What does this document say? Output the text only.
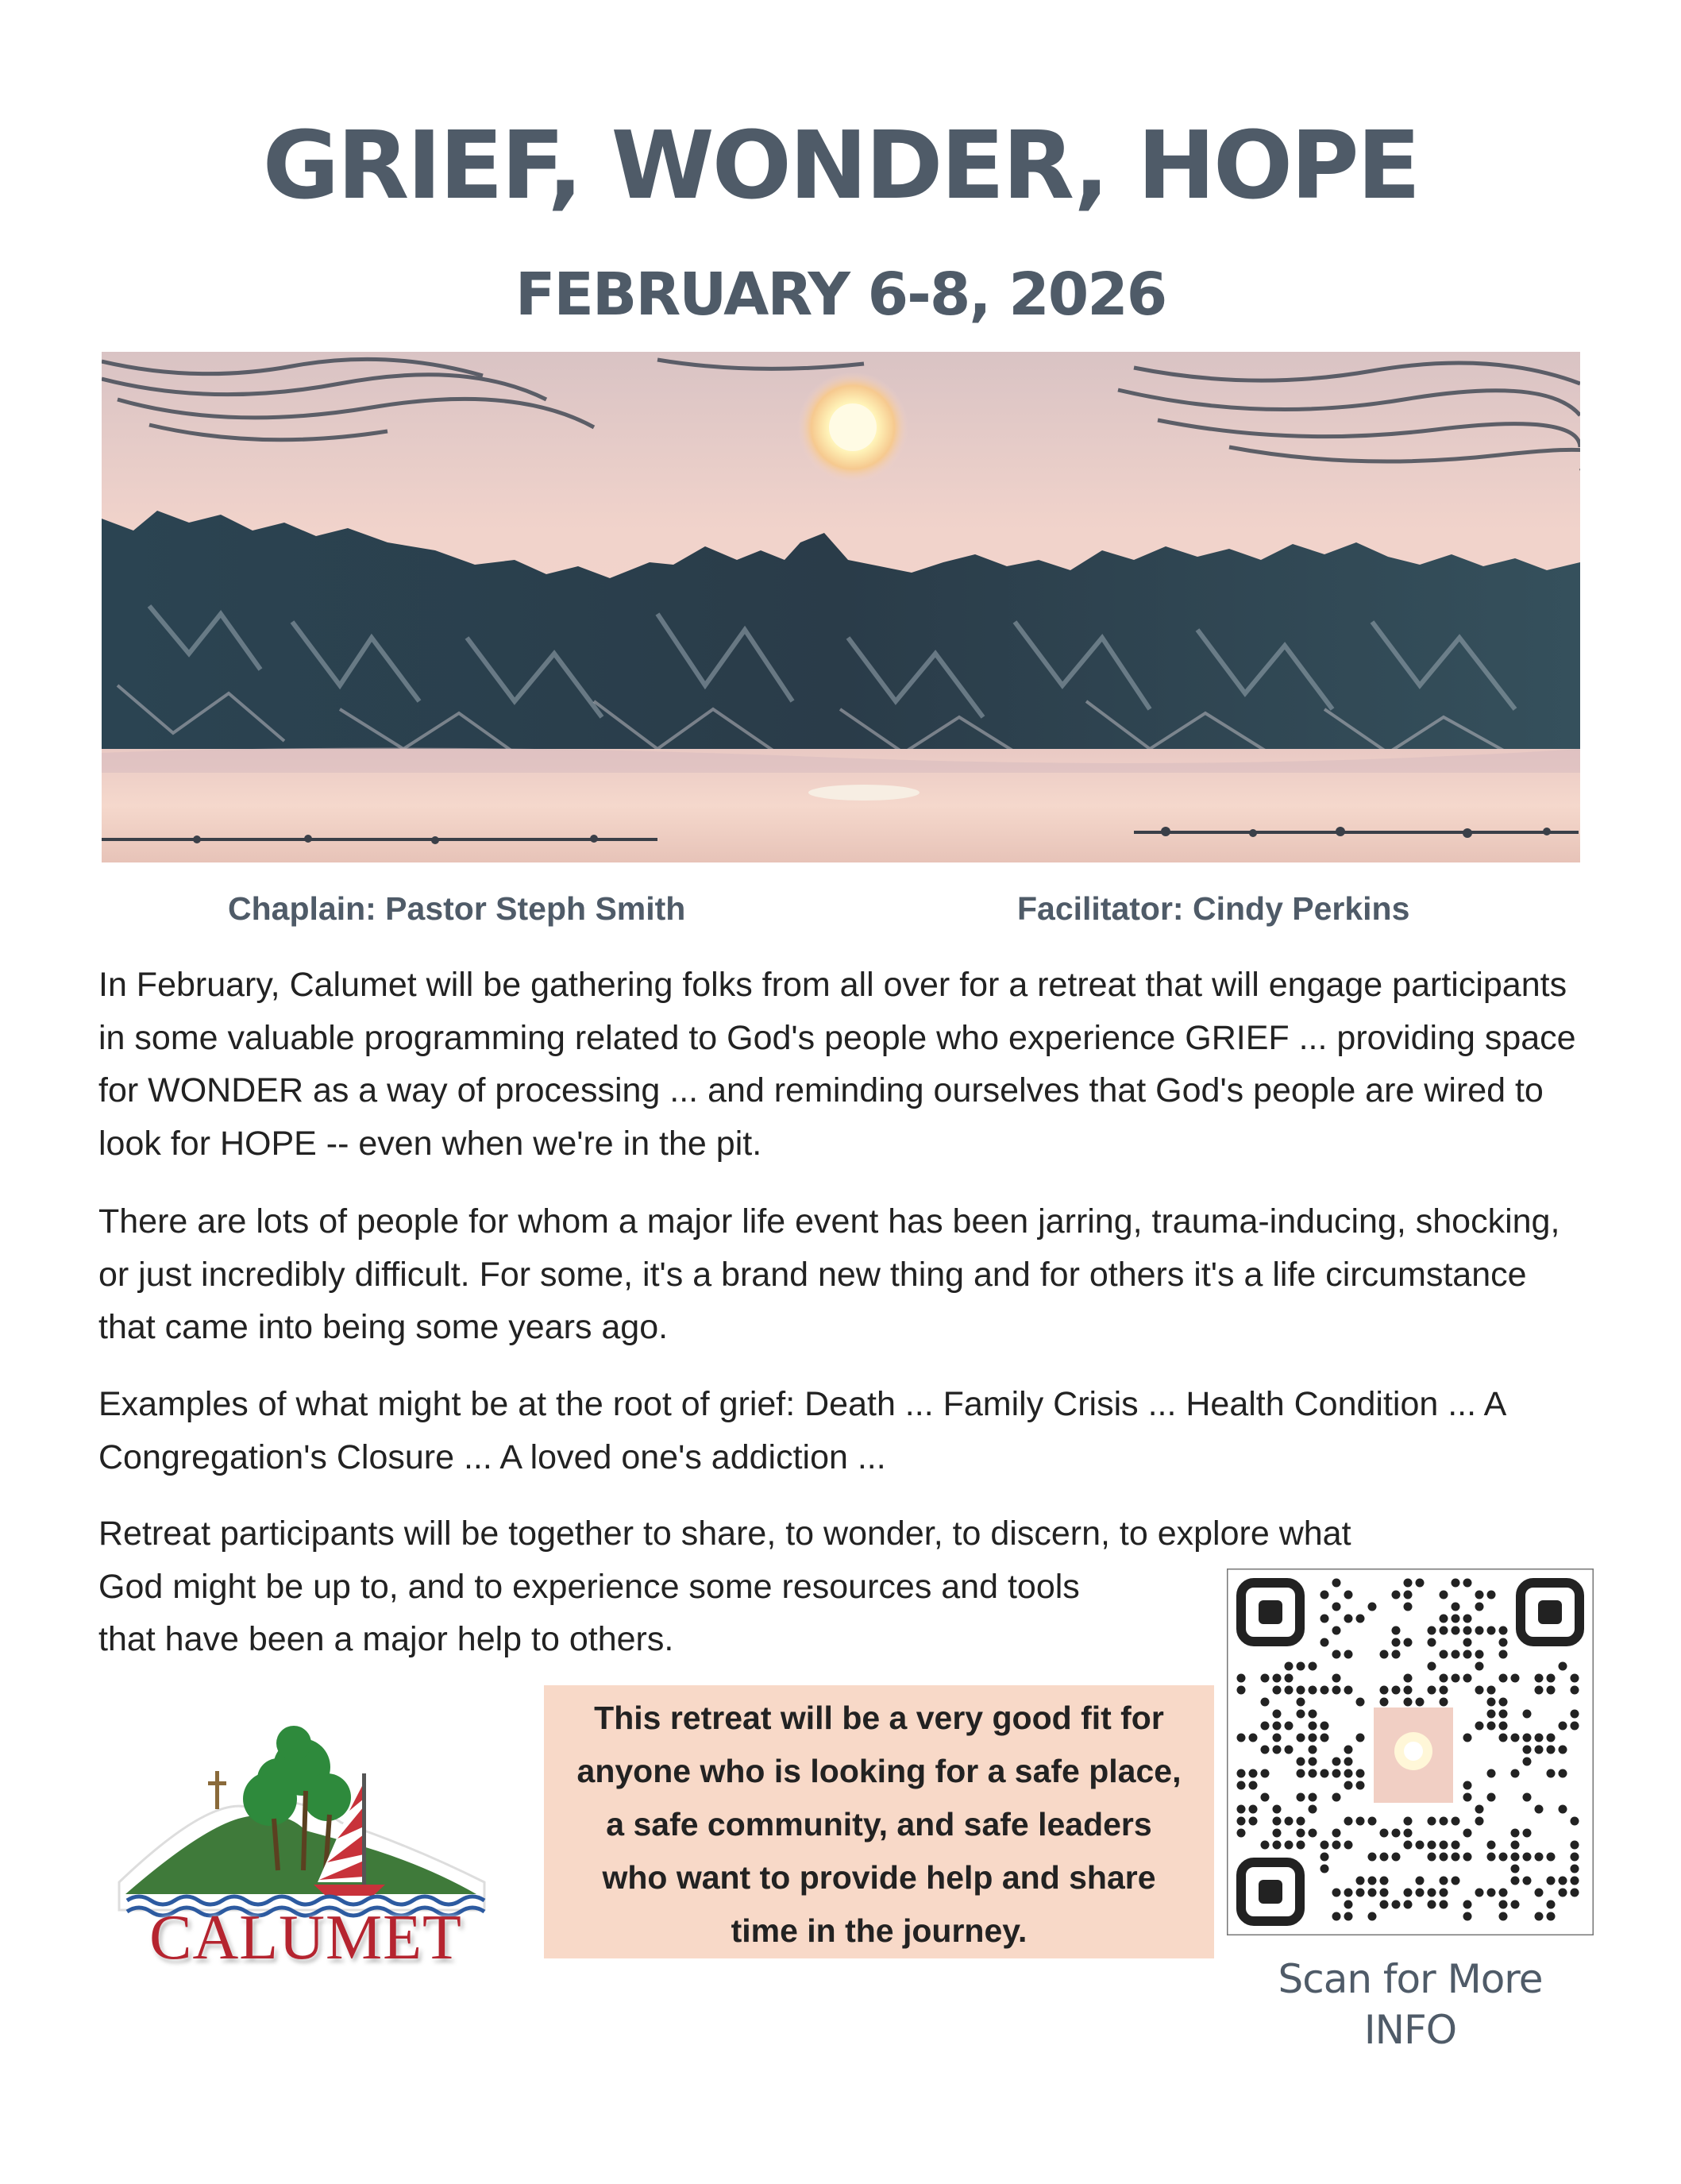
GRIEF, WONDER, HOPE
FEBRUARY 6-8, 2026
Chaplain: Pastor Steph Smith	Facilitator: Cindy Perkins

In February, Calumet will be gathering folks from all over for a retreat that will engage participants in some valuable programming related to God's people who experience GRIEF ... providing space for WONDER as a way of processing ... and reminding ourselves that God's people are wired to look for HOPE -- even when we're in the pit.

There are lots of people for whom a major life event has been jarring, trauma-inducing, shocking, or just incredibly difficult. For some, it's a brand new thing and for others it's a life circumstance that came into being some years ago.

Examples of what might be at the root of grief: Death ... Family Crisis ... Health Condition ... A Congregation's Closure ... A loved one's addiction ...

Retreat participants will be together to share, to wonder, to discern, to explore what
God might be up to, and to experience some resources and tools
that have been a major help to others.

This retreat will be a very good fit for

anyone who is looking for a safe place,

a safe community, and safe leaders

who want to provide help and share

time in the journey.

CALUMET
Scan for More INFO
